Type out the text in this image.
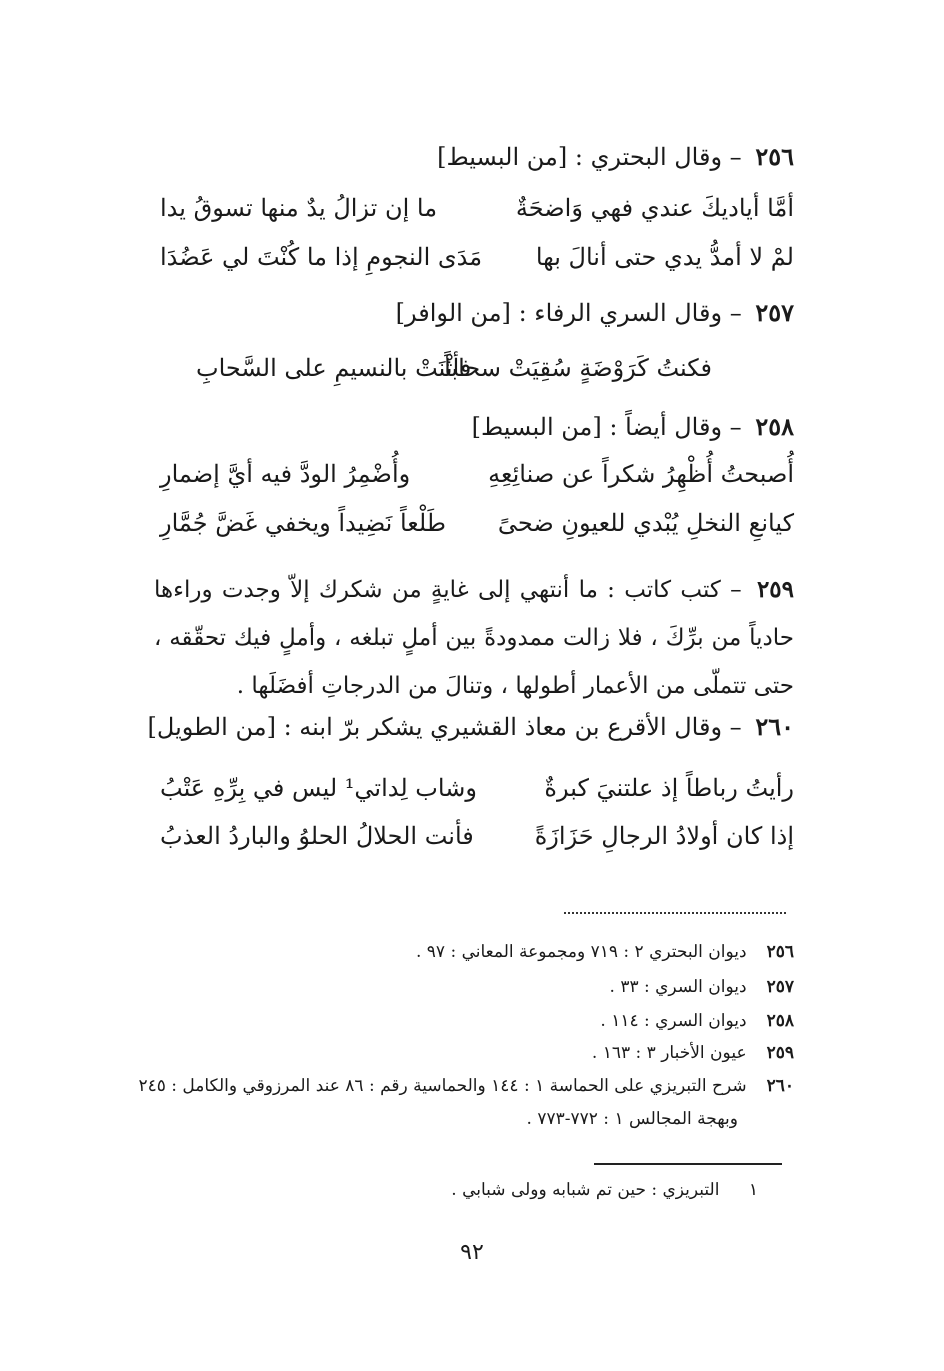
٢٥٦ – وقال البحتري : [من البسيط]
أمَّا أياديكَ عندي فهي وَاضحَةٌ
ما إن تزالُ يدٌ منها تسوقُ يدا
لمْ لا أمدُّ يدي حتى أنالَ بها
مَدَى النجومِ إذا ما كُنْتَ لي عَضُدَا
٢٥٧ – وقال السري الرفاء : [من الوافر]
فكنتُ كَرَوْضَةٍ سُقِيَتْ سحاباً
فأثْنَتْ بالنسيمِ على السَّحابِ
٢٥٨ – وقال أيضاً : [من البسيط]
أُصبحتُ أُظْهِرُ شكراً عن صنائِعِهِ
وأُضْمِرُ الودَّ فيه أيَّ إضمارِ
كيانعِ النخلِ يُبْدي للعيونِ ضحىً
طَلْعاً نَضِيداً ويخفي غَضَّ جُمَّارِ
٢٥٩ – كتب كاتب : ما أنتهي إلى غايةٍ من شكرك إلاّ وجدت وراءها حادياً من برِّكَ ، فلا زالت ممدودةً بين أملٍ تبلغه ، وأملٍ فيك تحقّقه ، حتى تتملّى من الأعمار أطولها ، وتنالَ من الدرجاتِ أفضَلَها .
٢٦٠ – وقال الأقرع بن معاذ القشيري يشكر برّ ابنه : [من الطويل]
رأيتُ رباطاً إذ علتنيَ كبرةٌ
وشاب لِداتي¹ ليس في بِرِّهِ عَتْبُ
إذا كان أولادُ الرجالِ حَزَازَةً
فأنت الحلالُ الحلوُ والباردُ العذبُ
٢٥٦ ديوان البحتري ٢ : ٧١٩ ومجموعة المعاني : ٩٧ .
٢٥٧ ديوان السري : ٣٣ .
٢٥٨ ديوان السري : ١١٤ .
٢٥٩ عيون الأخبار ٣ : ١٦٣ .
٢٦٠ شرح التبريزي على الحماسة ١ : ١٤٤ والحماسية رقم : ٨٦ عند المرزوقي والكامل : ٢٤٥
وبهجة المجالس ١ : ٧٧٢-٧٧٣ .
١ التبريزي : حين تم شبابه وولى شبابي .
٩٢
